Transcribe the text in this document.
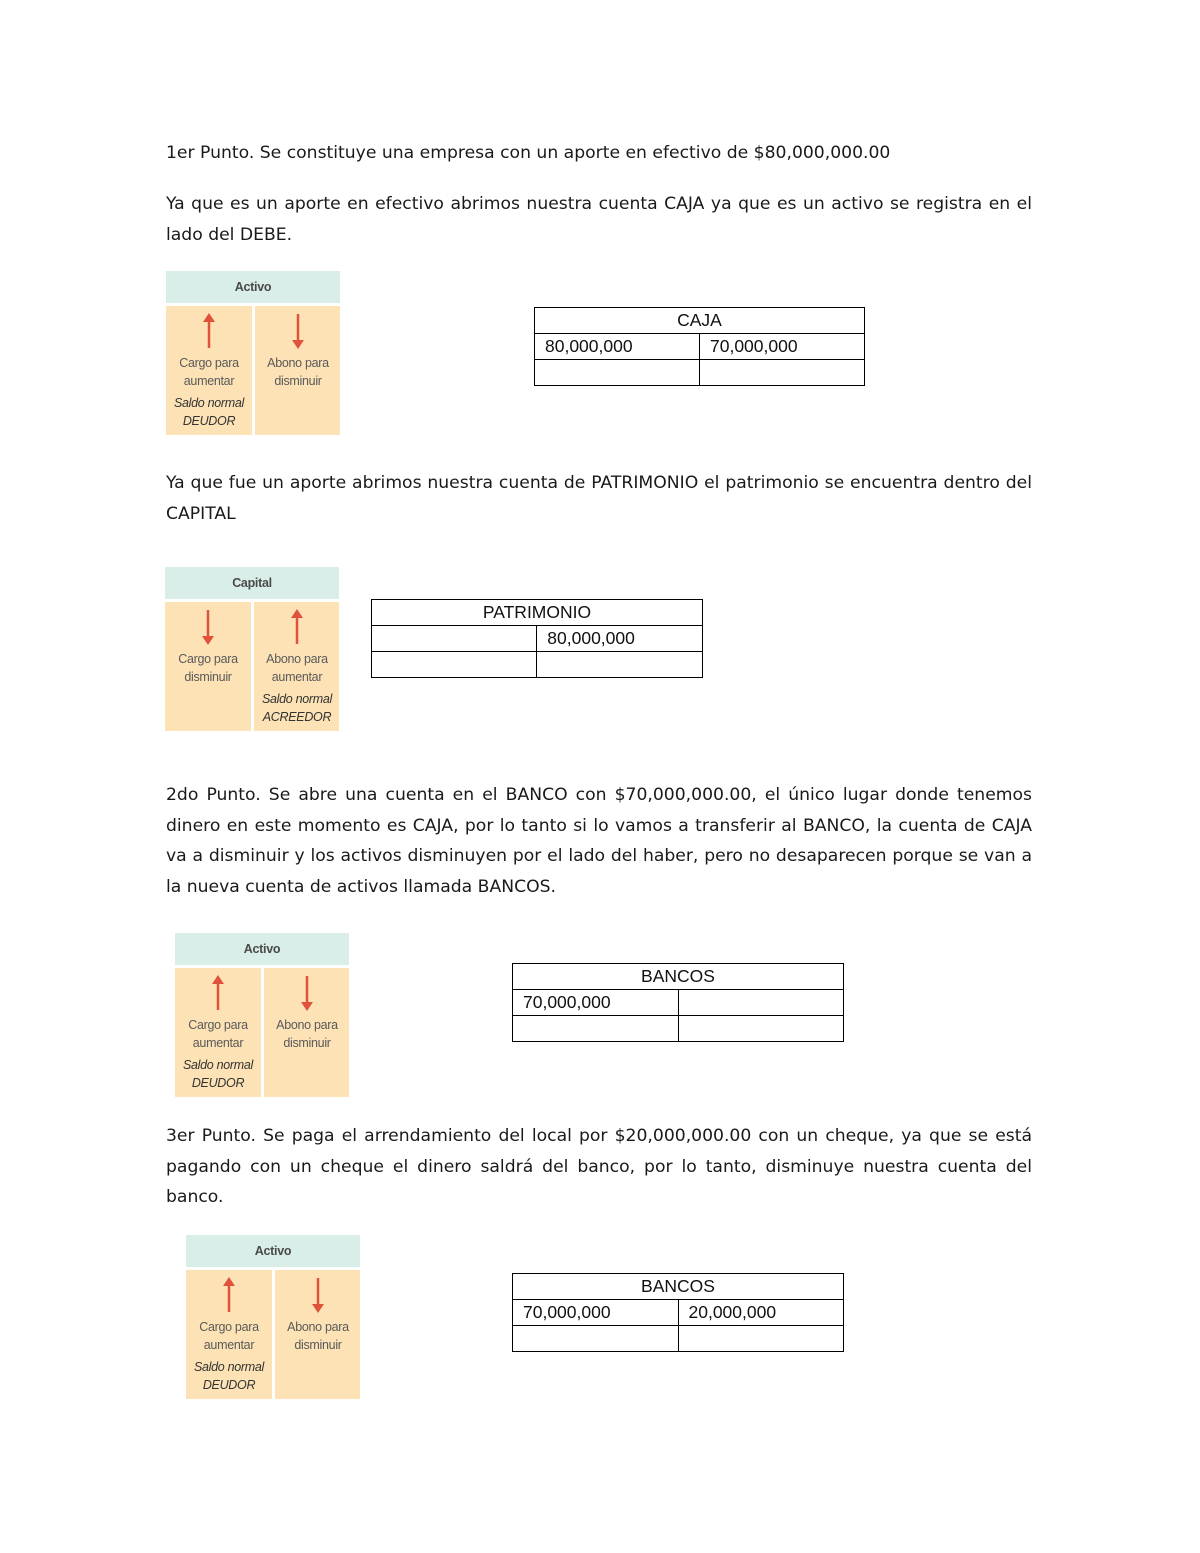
1er Punto. Se constituye una empresa con un aporte en efectivo de $80,000,000.00

Ya que es un aporte en efectivo abrimos nuestra cuenta CAJA ya que es un activo se registra en el lado del DEBE.

Activo
Cargo para
aumentar
Saldo normal
DEUDOR
Abono para
disminuir
CAJA	
80,000,000	70,000,000

Ya que fue un aporte abrimos nuestra cuenta de PATRIMONIO el patrimonio se encuentra dentro del CAPITAL

Capital
Cargo para
disminuir
Abono para
aumentar
Saldo normal
ACREEDOR
PATRIMONIO	
	80,000,000

2do Punto. Se abre una cuenta en el BANCO con $70,000,000.00, el único lugar donde tenemos dinero en este momento es CAJA, por lo tanto si lo vamos a transferir al BANCO, la cuenta de CAJA va a disminuir y los activos disminuyen por el lado del haber, pero no desaparecen porque se van a la nueva cuenta de activos llamada BANCOS.

Activo
Cargo para
aumentar
Saldo normal
DEUDOR
Abono para
disminuir
BANCOS	
70,000,000	

3er Punto. Se paga el arrendamiento del local por $20,000,000.00 con un cheque, ya que se está pagando con un cheque el dinero saldrá del banco, por lo tanto, disminuye nuestra cuenta del banco.

Activo
Cargo para
aumentar
Saldo normal
DEUDOR
Abono para
disminuir
BANCOS	
70,000,000	20,000,000
